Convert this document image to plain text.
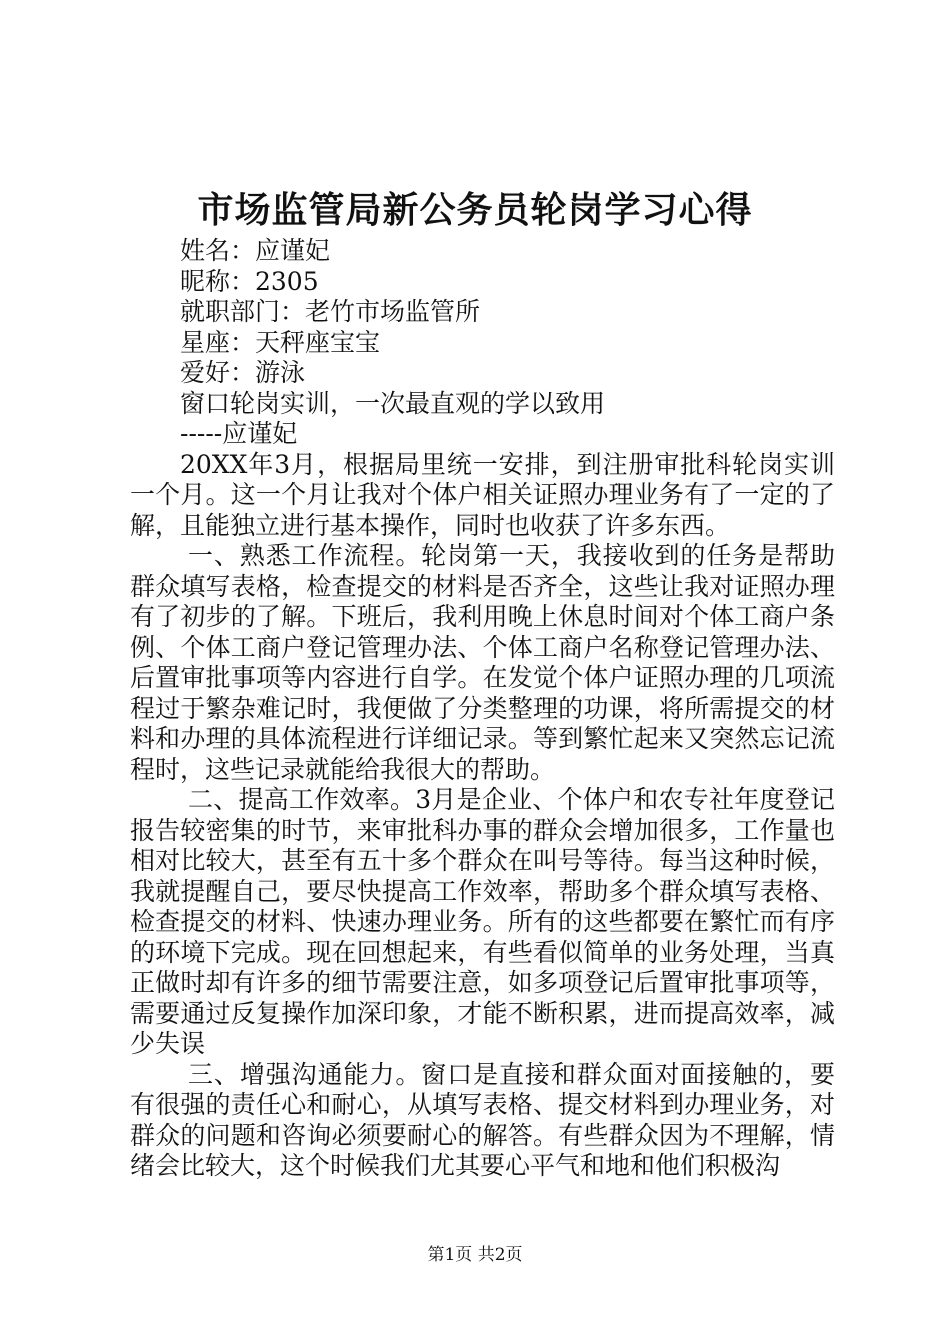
市场监管局新公务员轮岗学习心得
姓名：应谨妃
昵称：2305
就职部门：老竹市场监管所
星座：天秤座宝宝
爱好：游泳
窗口轮岗实训，一次最直观的学以致用
-----应谨妃

20XX年3月，根据局里统一安排，到注册审批科轮岗实训一个月。这一个月让我对个体户相关证照办理业务有了一定的了解，且能独立进行基本操作，同时也收获了许多东西。

一、熟悉工作流程。轮岗第一天，我接收到的任务是帮助群众填写表格，检查提交的材料是否齐全，这些让我对证照办理有了初步的了解。下班后，我利用晚上休息时间对个体工商户条例、个体工商户登记管理办法、个体工商户名称登记管理办法、后置审批事项等内容进行自学。在发觉个体户证照办理的几项流程过于繁杂难记时，我便做了分类整理的功课，将所需提交的材料和办理的具体流程进行详细记录。等到繁忙起来又突然忘记流程时，这些记录就能给我很大的帮助。

二、提高工作效率。3月是企业、个体户和农专社年度登记报告较密集的时节，来审批科办事的群众会增加很多，工作量也相对比较大，甚至有五十多个群众在叫号等待。每当这种时候，我就提醒自己，要尽快提高工作效率，帮助多个群众填写表格、检查提交的材料、快速办理业务。所有的这些都要在繁忙而有序的环境下完成。现在回想起来，有些看似简单的业务处理，当真正做时却有许多的细节需要注意，如多项登记后置审批事项等，需要通过反复操作加深印象，才能不断积累，进而提高效率，减少失误

三、增强沟通能力。窗口是直接和群众面对面接触的，要有很强的责任心和耐心，从填写表格、提交材料到办理业务，对群众的问题和咨询必须要耐心的解答。有些群众因为不理解，情绪会比较大，这个时候我们尤其要心平气和地和他们积极沟

第1页 共2页
